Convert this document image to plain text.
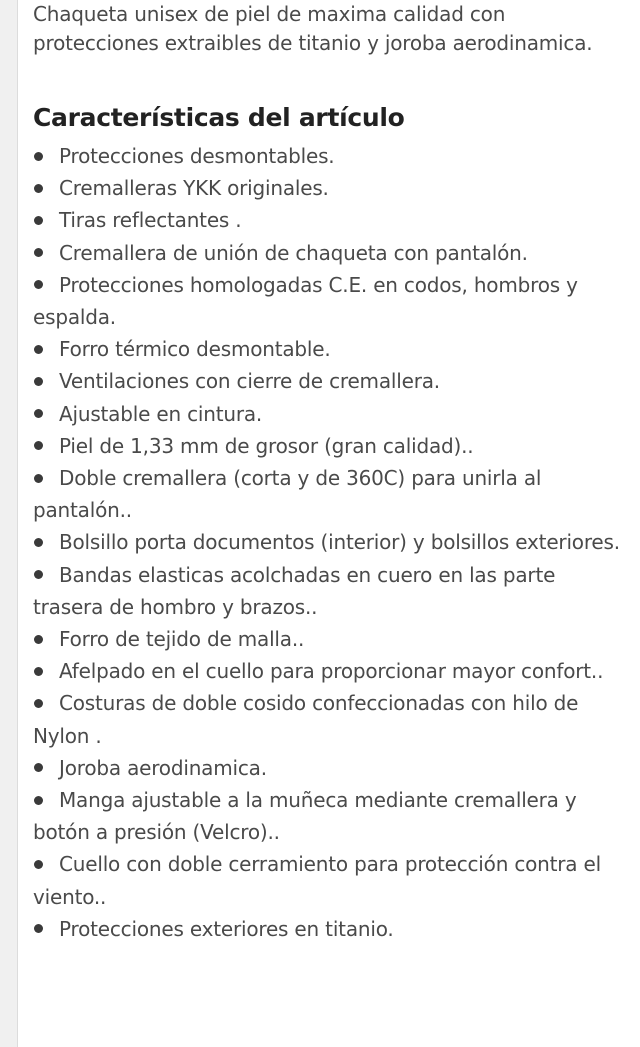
Chaqueta unisex de piel de maxima calidad con protecciones extraibles de titanio y joroba aerodinamica.

Características del artículo
Protecciones desmontables.
Cremalleras YKK originales.
Tiras reflectantes .
Cremallera de unión de chaqueta con pantalón.
Protecciones homologadas C.E. en codos, hombros y espalda.
Forro térmico desmontable.
Ventilaciones con cierre de cremallera.
Ajustable en cintura.
Piel de 1,33 mm de grosor (gran calidad)..
Doble cremallera (corta y de 360C) para unirla al pantalón..
Bolsillo porta documentos (interior) y bolsillos exteriores.
Bandas elasticas acolchadas en cuero en las parte trasera de hombro y brazos..
Forro de tejido de malla..
Afelpado en el cuello para proporcionar mayor confort..
Costuras de doble cosido confeccionadas con hilo de Nylon .
Joroba aerodinamica.
Manga ajustable a la muñeca mediante cremallera y botón a presión (Velcro)..
Cuello con doble cerramiento para protección contra el viento..
Protecciones exteriores en titanio.
